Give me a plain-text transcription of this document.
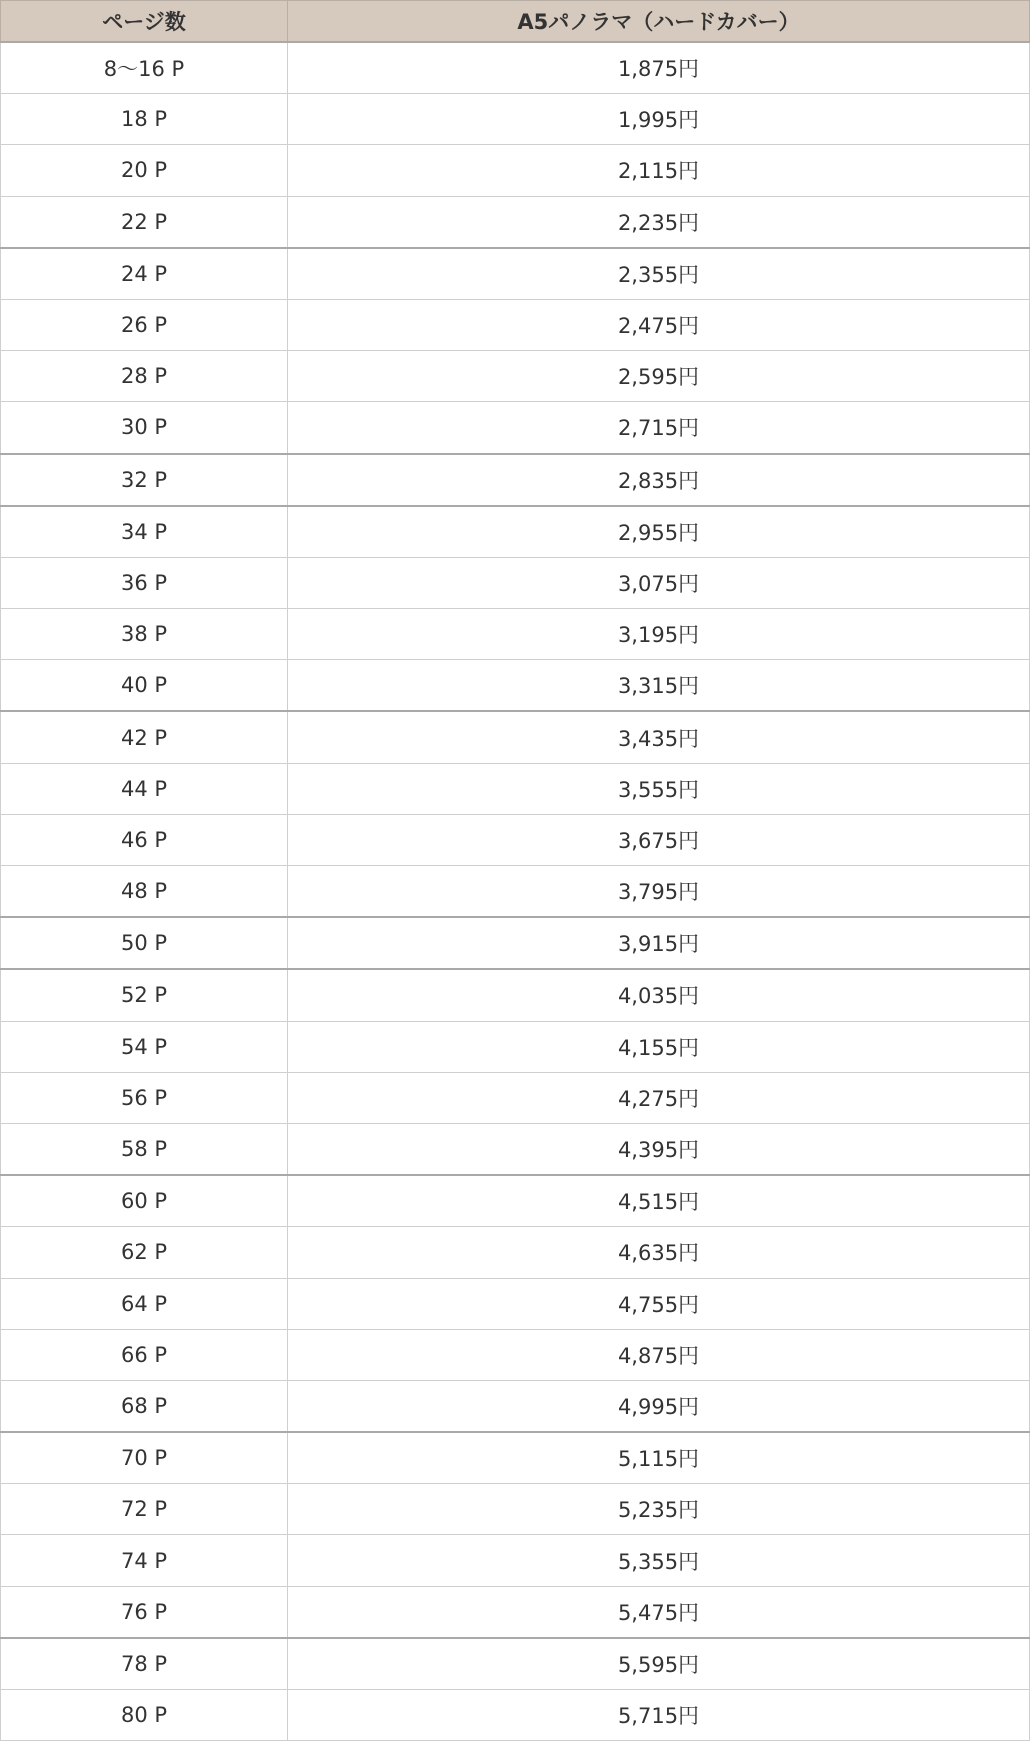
ページ数	A5パノラマ（ハードカバー）
8〜16 P	1,875円
18 P	1,995円
20 P	2,115円
22 P	2,235円
24 P	2,355円
26 P	2,475円
28 P	2,595円
30 P	2,715円
32 P	2,835円
34 P	2,955円
36 P	3,075円
38 P	3,195円
40 P	3,315円
42 P	3,435円
44 P	3,555円
46 P	3,675円
48 P	3,795円
50 P	3,915円
52 P	4,035円
54 P	4,155円
56 P	4,275円
58 P	4,395円
60 P	4,515円
62 P	4,635円
64 P	4,755円
66 P	4,875円
68 P	4,995円
70 P	5,115円
72 P	5,235円
74 P	5,355円
76 P	5,475円
78 P	5,595円
80 P	5,715円
